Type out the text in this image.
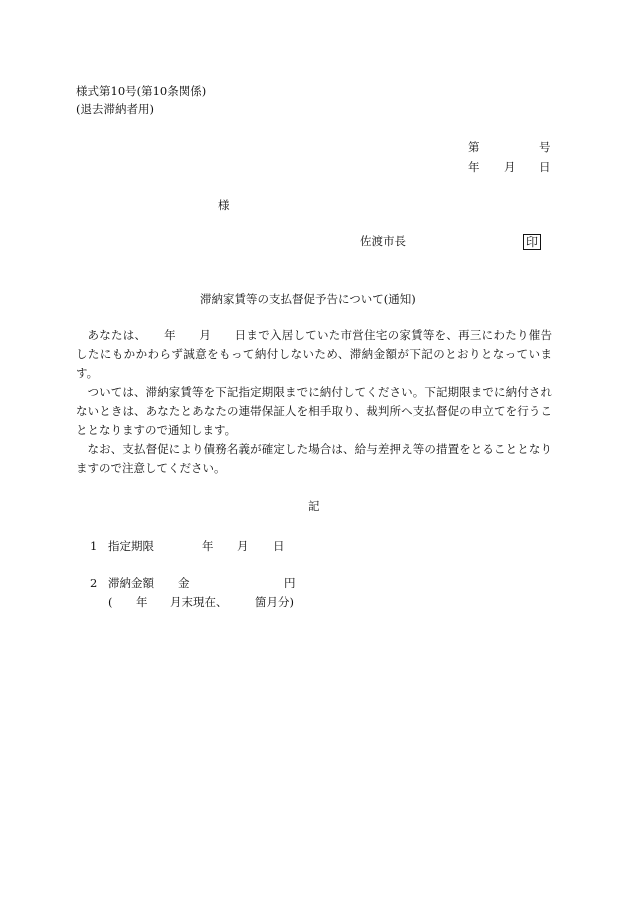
様式第10号(第10条関係)
(退去滞納者用)
第	号
年 月 日
様
佐渡市長	印
滞納家賃等の支払督促予告について(通知)
あなたは、　　年　　月　　日まで入居していた市営住宅の家賃等を、再三にわたり催告したにもかかわらず誠意をもって納付しないため、滞納金額が下記のとおりとなっています。
ついては、滞納家賃等を下記指定期限までに納付してください。下記期限までに納付されないときは、あなたとあなたの連帯保証人を相手取り、裁判所へ支払督促の申立てを行うこととなりますので通知します。
なお、支払督促により債務名義が確定した場合は、給与差押え等の措置をとることとなりますので注意してください。
記
1 指定期限	年 月 日
2 滞納金額 金	円
( 年 月末現在、 箇月分)
